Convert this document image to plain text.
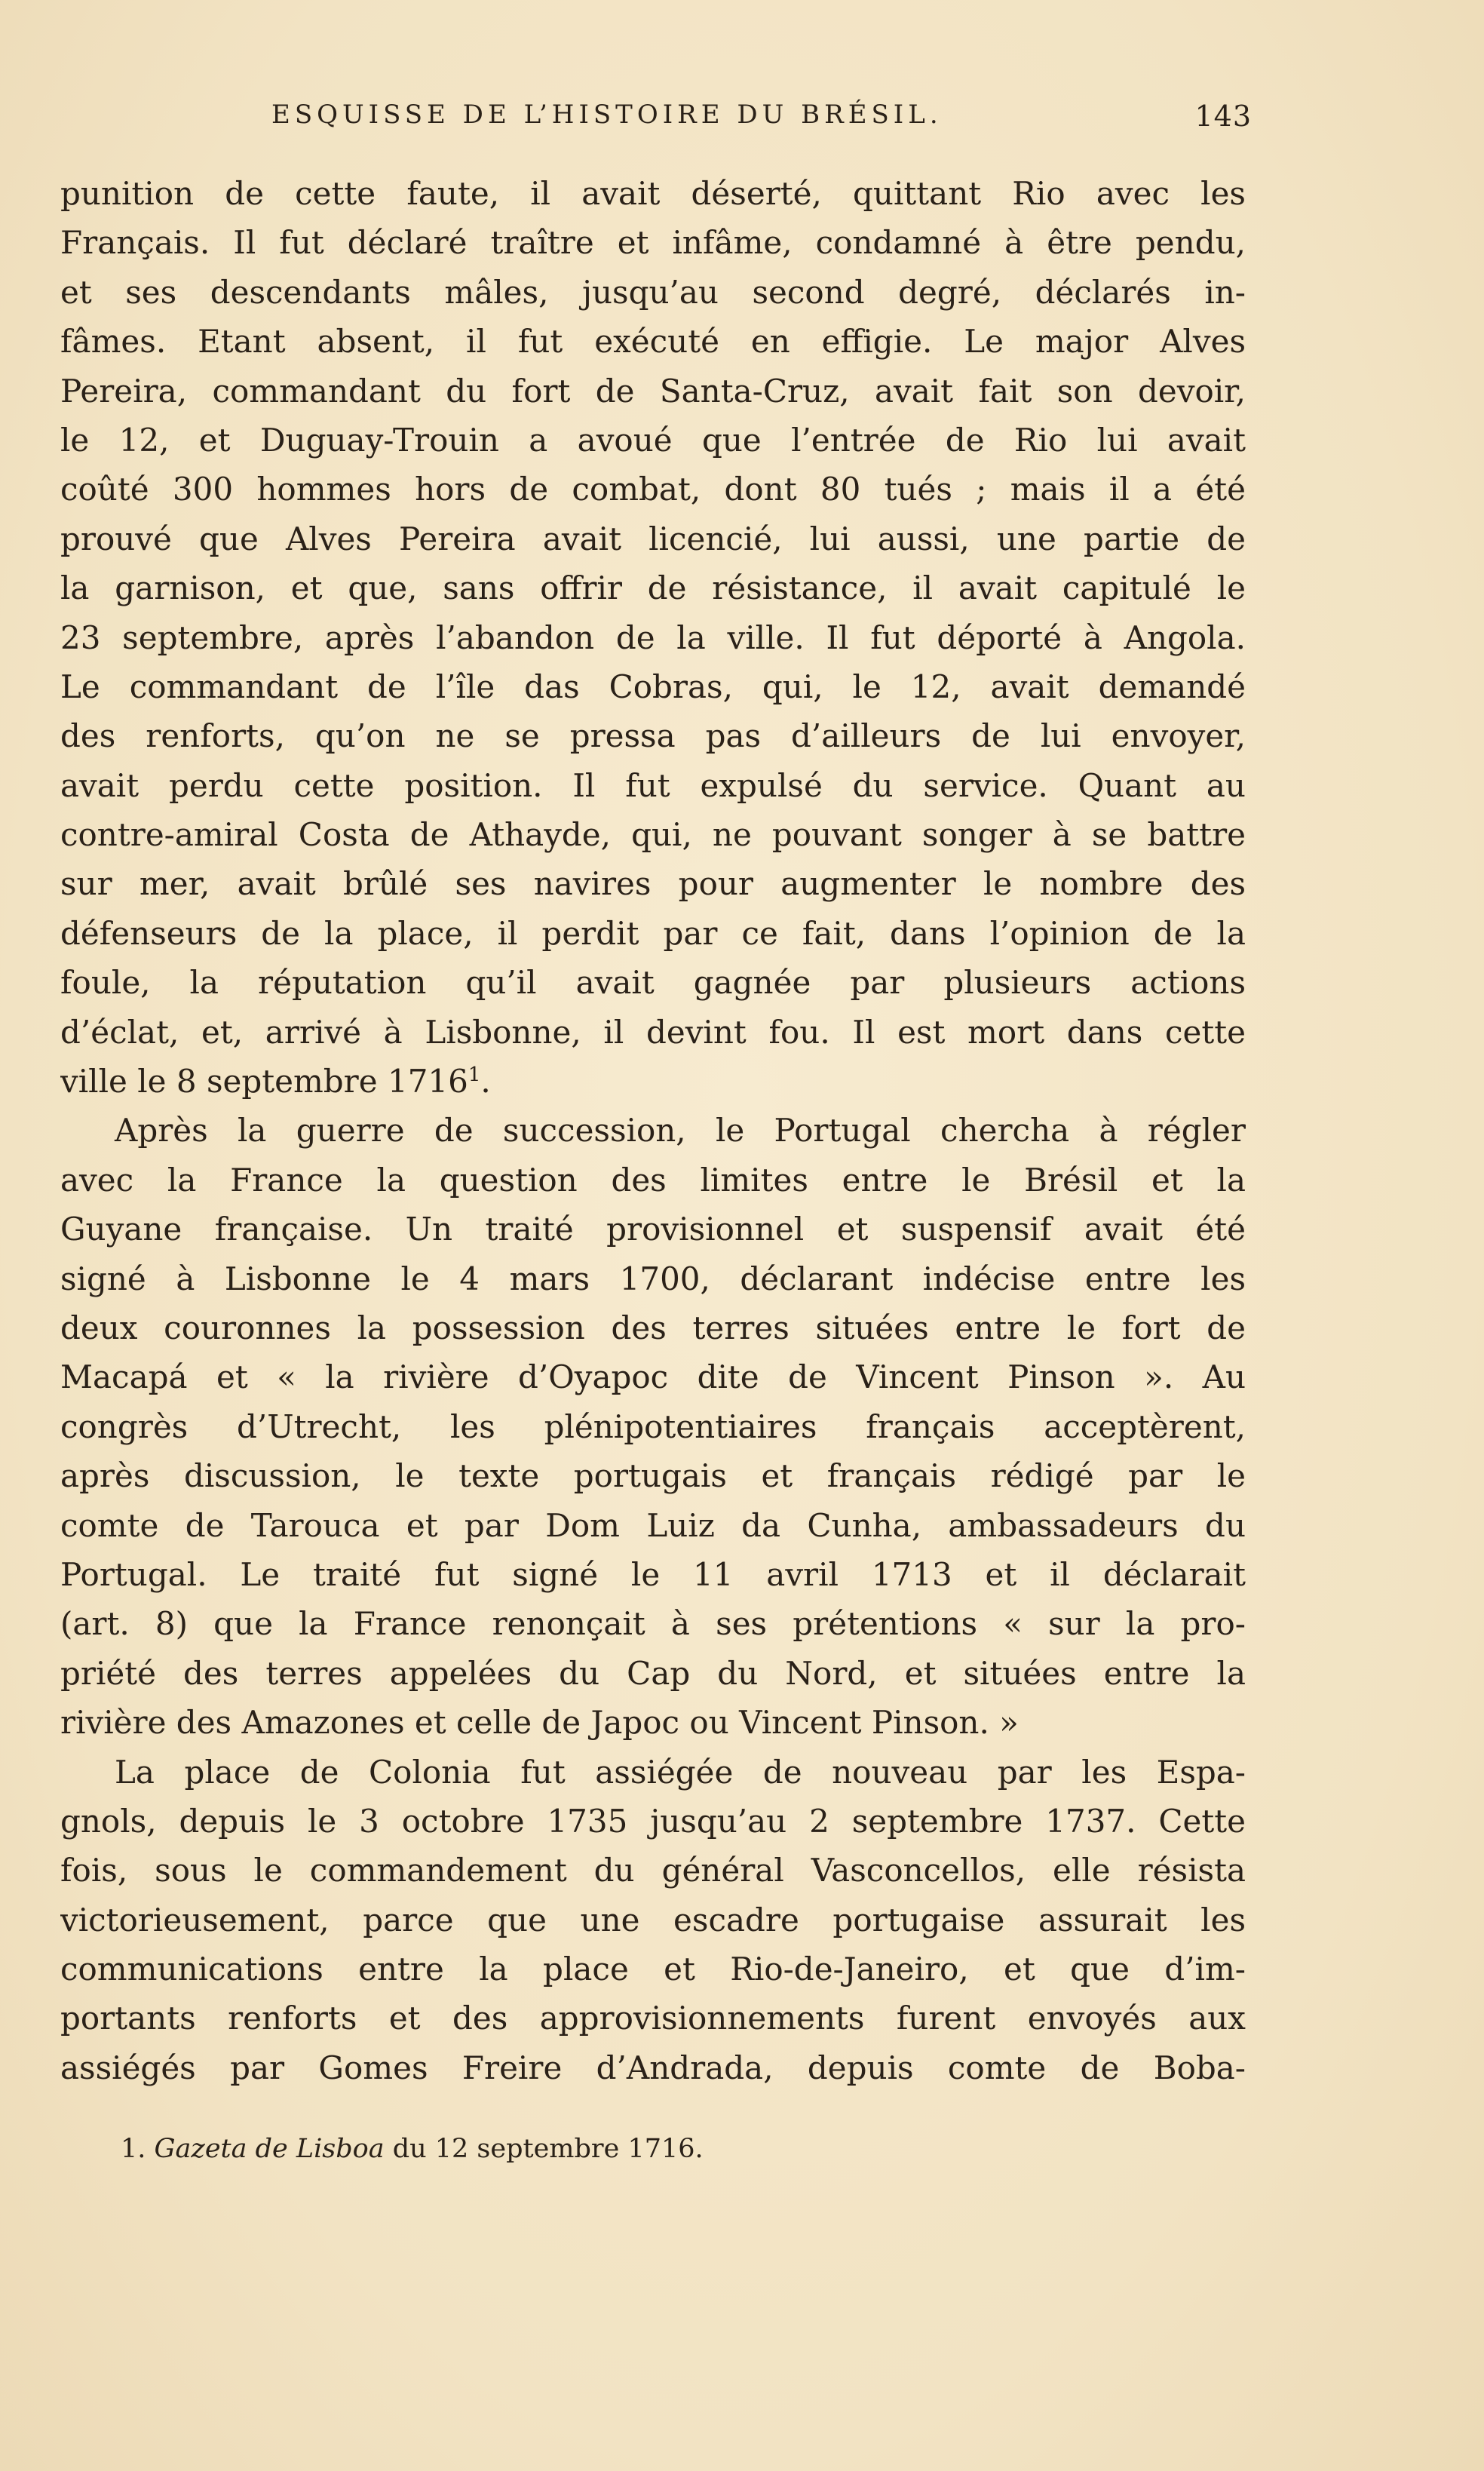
ESQUISSE DE L’HISTOIRE DU BRÉSIL.	143
punition de cette faute, il avait déserté, quittant Rio avec les
Français. Il fut déclaré traître et infâme, condamné à être pendu,
et ses descendants mâles, jusqu’au second degré, déclarés in-
fâmes. Etant absent, il fut exécuté en effigie. Le major Alves
Pereira, commandant du fort de Santa-Cruz, avait fait son devoir,
le 12, et Duguay-Trouin a avoué que l’entrée de Rio lui avait
coûté 300 hommes hors de combat, dont 80 tués ; mais il a été
prouvé que Alves Pereira avait licencié, lui aussi, une partie de
la garnison, et que, sans offrir de résistance, il avait capitulé le
23 septembre, après l’abandon de la ville. Il fut déporté à Angola.
Le commandant de l’île das Cobras, qui, le 12, avait demandé
des renforts, qu’on ne se pressa pas d’ailleurs de lui envoyer,
avait perdu cette position. Il fut expulsé du service. Quant au
contre-amiral Costa de Athayde, qui, ne pouvant songer à se battre
sur mer, avait brûlé ses navires pour augmenter le nombre des
défenseurs de la place, il perdit par ce fait, dans l’opinion de la
foule, la réputation qu’il avait gagnée par plusieurs actions
d’éclat, et, arrivé à Lisbonne, il devint fou. Il est mort dans cette
ville le 8 septembre 1716$^1$.
Après la guerre de succession, le Portugal chercha à régler
avec la France la question des limites entre le Brésil et la
Guyane française. Un traité provisionnel et suspensif avait été
signé à Lisbonne le 4 mars 1700, déclarant indécise entre les
deux couronnes la possession des terres situées entre le fort de
Macapá et « la rivière d’Oyapoc dite de Vincent Pinson ». Au
congrès d’Utrecht, les plénipotentiaires français acceptèrent,
après discussion, le texte portugais et français rédigé par le
comte de Tarouca et par Dom Luiz da Cunha, ambassadeurs du
Portugal. Le traité fut signé le 11 avril 1713 et il déclarait
(art. 8) que la France renonçait à ses prétentions « sur la pro-
priété des terres appelées du Cap du Nord, et situées entre la
rivière des Amazones et celle de Japoc ou Vincent Pinson. »
La place de Colonia fut assiégée de nouveau par les Espa-
gnols, depuis le 3 octobre 1735 jusqu’au 2 septembre 1737. Cette
fois, sous le commandement du général Vasconcellos, elle résista
victorieusement, parce que une escadre portugaise assurait les
communications entre la place et Rio-de-Janeiro, et que d’im-
portants renforts et des approvisionnements furent envoyés aux
assiégés par Gomes Freire d’Andrada, depuis comte de Boba-
1. Gazeta de Lisboa du 12 septembre 1716.
